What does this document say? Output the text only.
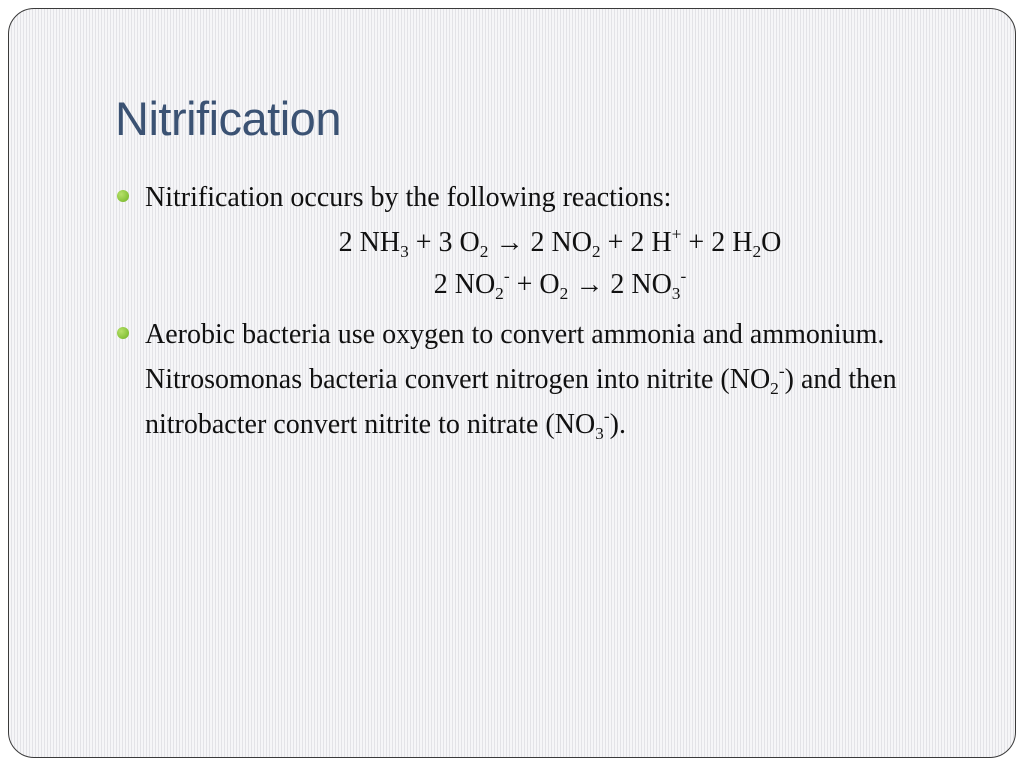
Nitrification
Nitrification occurs by the following reactions:
2 $NH_3 + 3$ $O_2 \to 2$ $NO_2 + 2$ H+ + 2 $H_2O$
2 $NO_2^- + O_2 \to 2$ $NO_3^-$
Aerobic bacteria use oxygen to convert ammonia and ammonium. Nitrosomonas bacteria convert nitrogen into nitrite $(NO_2^-)$ and then nitrobacter convert nitrite to nitrate $(NO_3^-)$.
